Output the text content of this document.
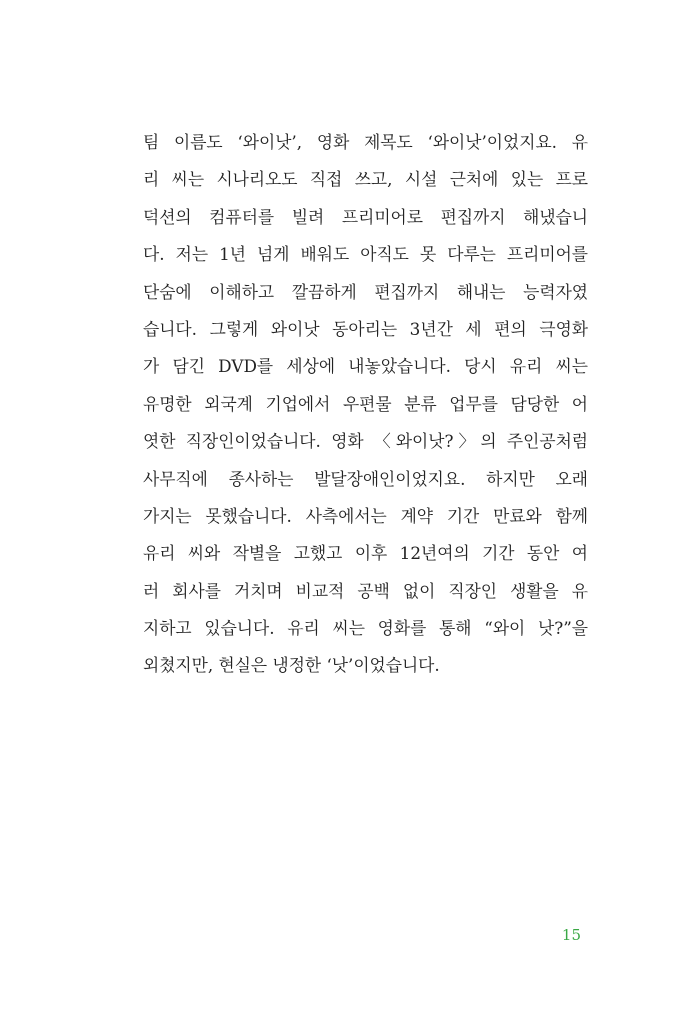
팀 이름도 ‘와이낫’, 영화 제목도 ‘와이낫’이었지요. 유
리 씨는 시나리오도 직접 쓰고, 시설 근처에 있는 프로
덕션의 컴퓨터를 빌려 프리미어로 편집까지 해냈습니
다. 저는 1년 넘게 배워도 아직도 못 다루는 프리미어를
단숨에 이해하고 깔끔하게 편집까지 해내는 능력자였
습니다. 그렇게 와이낫 동아리는 3년간 세 편의 극영화
가 담긴 DVD를 세상에 내놓았습니다. 당시 유리 씨는
유명한 외국계 기업에서 우편물 분류 업무를 담당한 어
엿한 직장인이었습니다. 영화 〈와이낫?〉의 주인공처럼
사무직에 종사하는 발달장애인이었지요. 하지만 오래
가지는 못했습니다. 사측에서는 계약 기간 만료와 함께
유리 씨와 작별을 고했고 이후 12년여의 기간 동안 여
러 회사를 거치며 비교적 공백 없이 직장인 생활을 유
지하고 있습니다. 유리 씨는 영화를 통해 “와이 낫?”을
외쳤지만, 현실은 냉정한 ‘낫’이었습니다.
15
